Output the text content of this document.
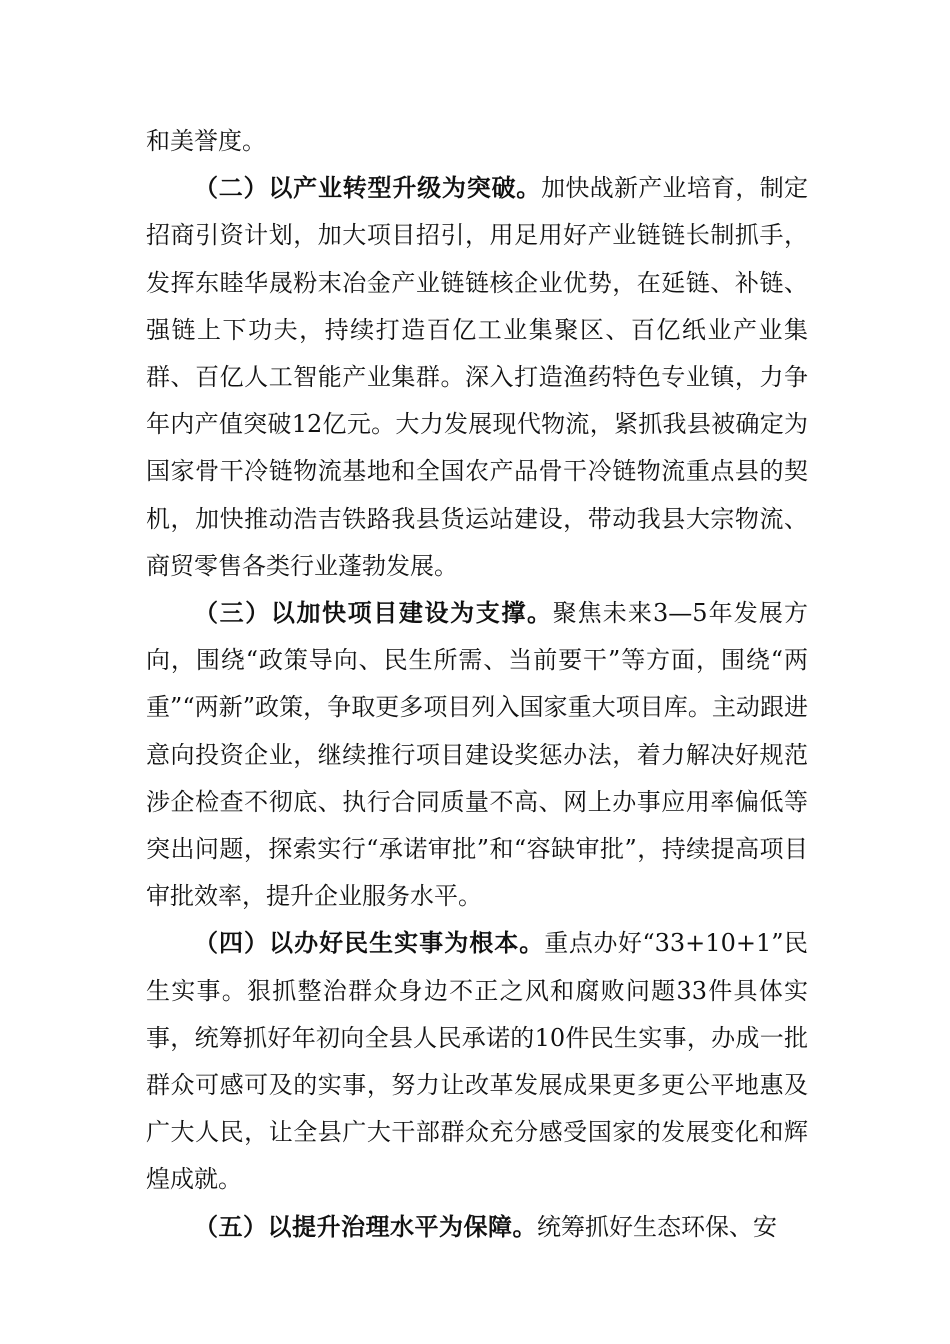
和美誉度。

（二）以产业转型升级为突破。加快战新产业培育，制定招商引资计划，加大项目招引，用足用好产业链链长制抓手，发挥东睦华晟粉末冶金产业链链核企业优势，在延链、补链、强链上下功夫，持续打造百亿工业集聚区、百亿纸业产业集群、百亿人工智能产业集群。深入打造渔药特色专业镇，力争年内产值突破12亿元。大力发展现代物流，紧抓我县被确定为国家骨干冷链物流基地和全国农产品骨干冷链物流重点县的契机，加快推动浩吉铁路我县货运站建设，带动我县大宗物流、商贸零售各类行业蓬勃发展。

（三）以加快项目建设为支撑。聚焦未来3—5年发展方向，围绕“政策导向、民生所需、当前要干”等方面，围绕“两重”“两新”政策，争取更多项目列入国家重大项目库。主动跟进意向投资企业，继续推行项目建设奖惩办法，着力解决好规范涉企检查不彻底、执行合同质量不高、网上办事应用率偏低等突出问题，探索实行“承诺审批”和“容缺审批”，持续提高项目审批效率，提升企业服务水平。

（四）以办好民生实事为根本。重点办好“33+10+1”民生实事。狠抓整治群众身边不正之风和腐败问题33件具体实事，统筹抓好年初向全县人民承诺的10件民生实事，办成一批群众可感可及的实事，努力让改革发展成果更多更公平地惠及广大人民，让全县广大干部群众充分感受国家的发展变化和辉煌成就。

（五）以提升治理水平为保障。统筹抓好生态环保、安
